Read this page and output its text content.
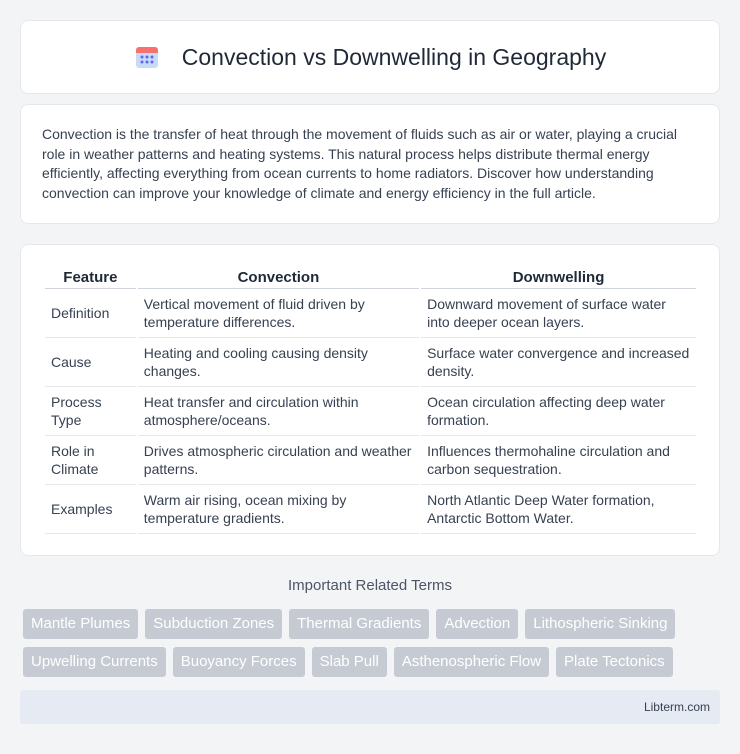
Convection vs Downwelling in Geography

Convection is the transfer of heat through the movement of fluids such as air or water, playing a crucial role in weather patterns and heating systems. This natural process helps distribute thermal energy efficiently, affecting everything from ocean currents to home radiators. Discover how understanding convection can improve your knowledge of climate and energy efficiency in the full article.

Feature	Convection	Downwelling
Definition	Vertical movement of fluid driven by temperature differences.	Downward movement of surface water into deeper ocean layers.
Cause	Heating and cooling causing density changes.	Surface water convergence and increased density.
Process Type	Heat transfer and circulation within atmosphere/oceans.	Ocean circulation affecting deep water formation.
Role in Climate	Drives atmospheric circulation and weather patterns.	Influences thermohaline circulation and carbon sequestration.
Examples	Warm air rising, ocean mixing by temperature gradients.	North Atlantic Deep Water formation, Antarctic Bottom Water.
Important Related Terms
Mantle Plumes	Subduction Zones	Thermal Gradients	Advection	Lithospheric Sinking
Upwelling Currents	Buoyancy Forces	Slab Pull	Asthenospheric Flow	Plate Tectonics
Libterm.com
